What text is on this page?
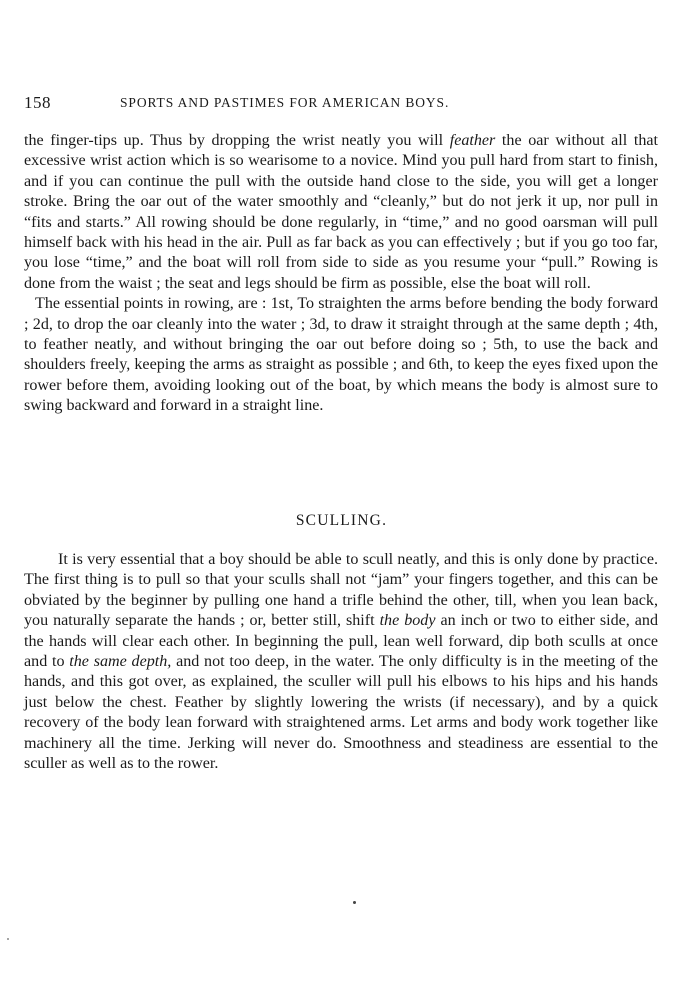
158	SPORTS AND PASTIMES FOR AMERICAN BOYS.

the finger-tips up. Thus by dropping the wrist neatly you will feather the oar without all that excessive wrist action which is so wearisome to a novice. Mind you pull hard from start to finish, and if you can continue the pull with the outside hand close to the side, you will get a longer stroke. Bring the oar out of the water smoothly and “cleanly,” but do not jerk it up, nor pull in “fits and starts.” All rowing should be done regularly, in “time,” and no good oarsman will pull himself back with his head in the air. Pull as far back as you can effectively ; but if you go too far, you lose “time,” and the boat will roll from side to side as you resume your “pull.” Rowing is done from the waist ; the seat and legs should be firm as possible, else the boat will roll.

The essential points in rowing, are : 1st, To straighten the arms before bending the body forward ; 2d, to drop the oar cleanly into the water ; 3d, to draw it straight through at the same depth ; 4th, to feather neatly, and without bringing the oar out before doing so ; 5th, to use the back and shoulders freely, keeping the arms as straight as possible ; and 6th, to keep the eyes fixed upon the rower before them, avoiding looking out of the boat, by which means the body is almost sure to swing backward and forward in a straight line.

SCULLING.

It is very essential that a boy should be able to scull neatly, and this is only done by practice. The first thing is to pull so that your sculls shall not “jam” your fingers together, and this can be obviated by the beginner by pulling one hand a trifle behind the other, till, when you lean back, you naturally separate the hands ; or, better still, shift the body an inch or two to either side, and the hands will clear each other. In beginning the pull, lean well forward, dip both sculls at once and to the same depth, and not too deep, in the water. The only difficulty is in the meeting of the hands, and this got over, as explained, the sculler will pull his elbows to his hips and his hands just below the chest. Feather by slightly lowering the wrists (if necessary), and by a quick recovery of the body lean forward with straightened arms. Let arms and body work together like machinery all the time. Jerking will never do. Smoothness and steadiness are essential to the sculler as well as to the rower.
